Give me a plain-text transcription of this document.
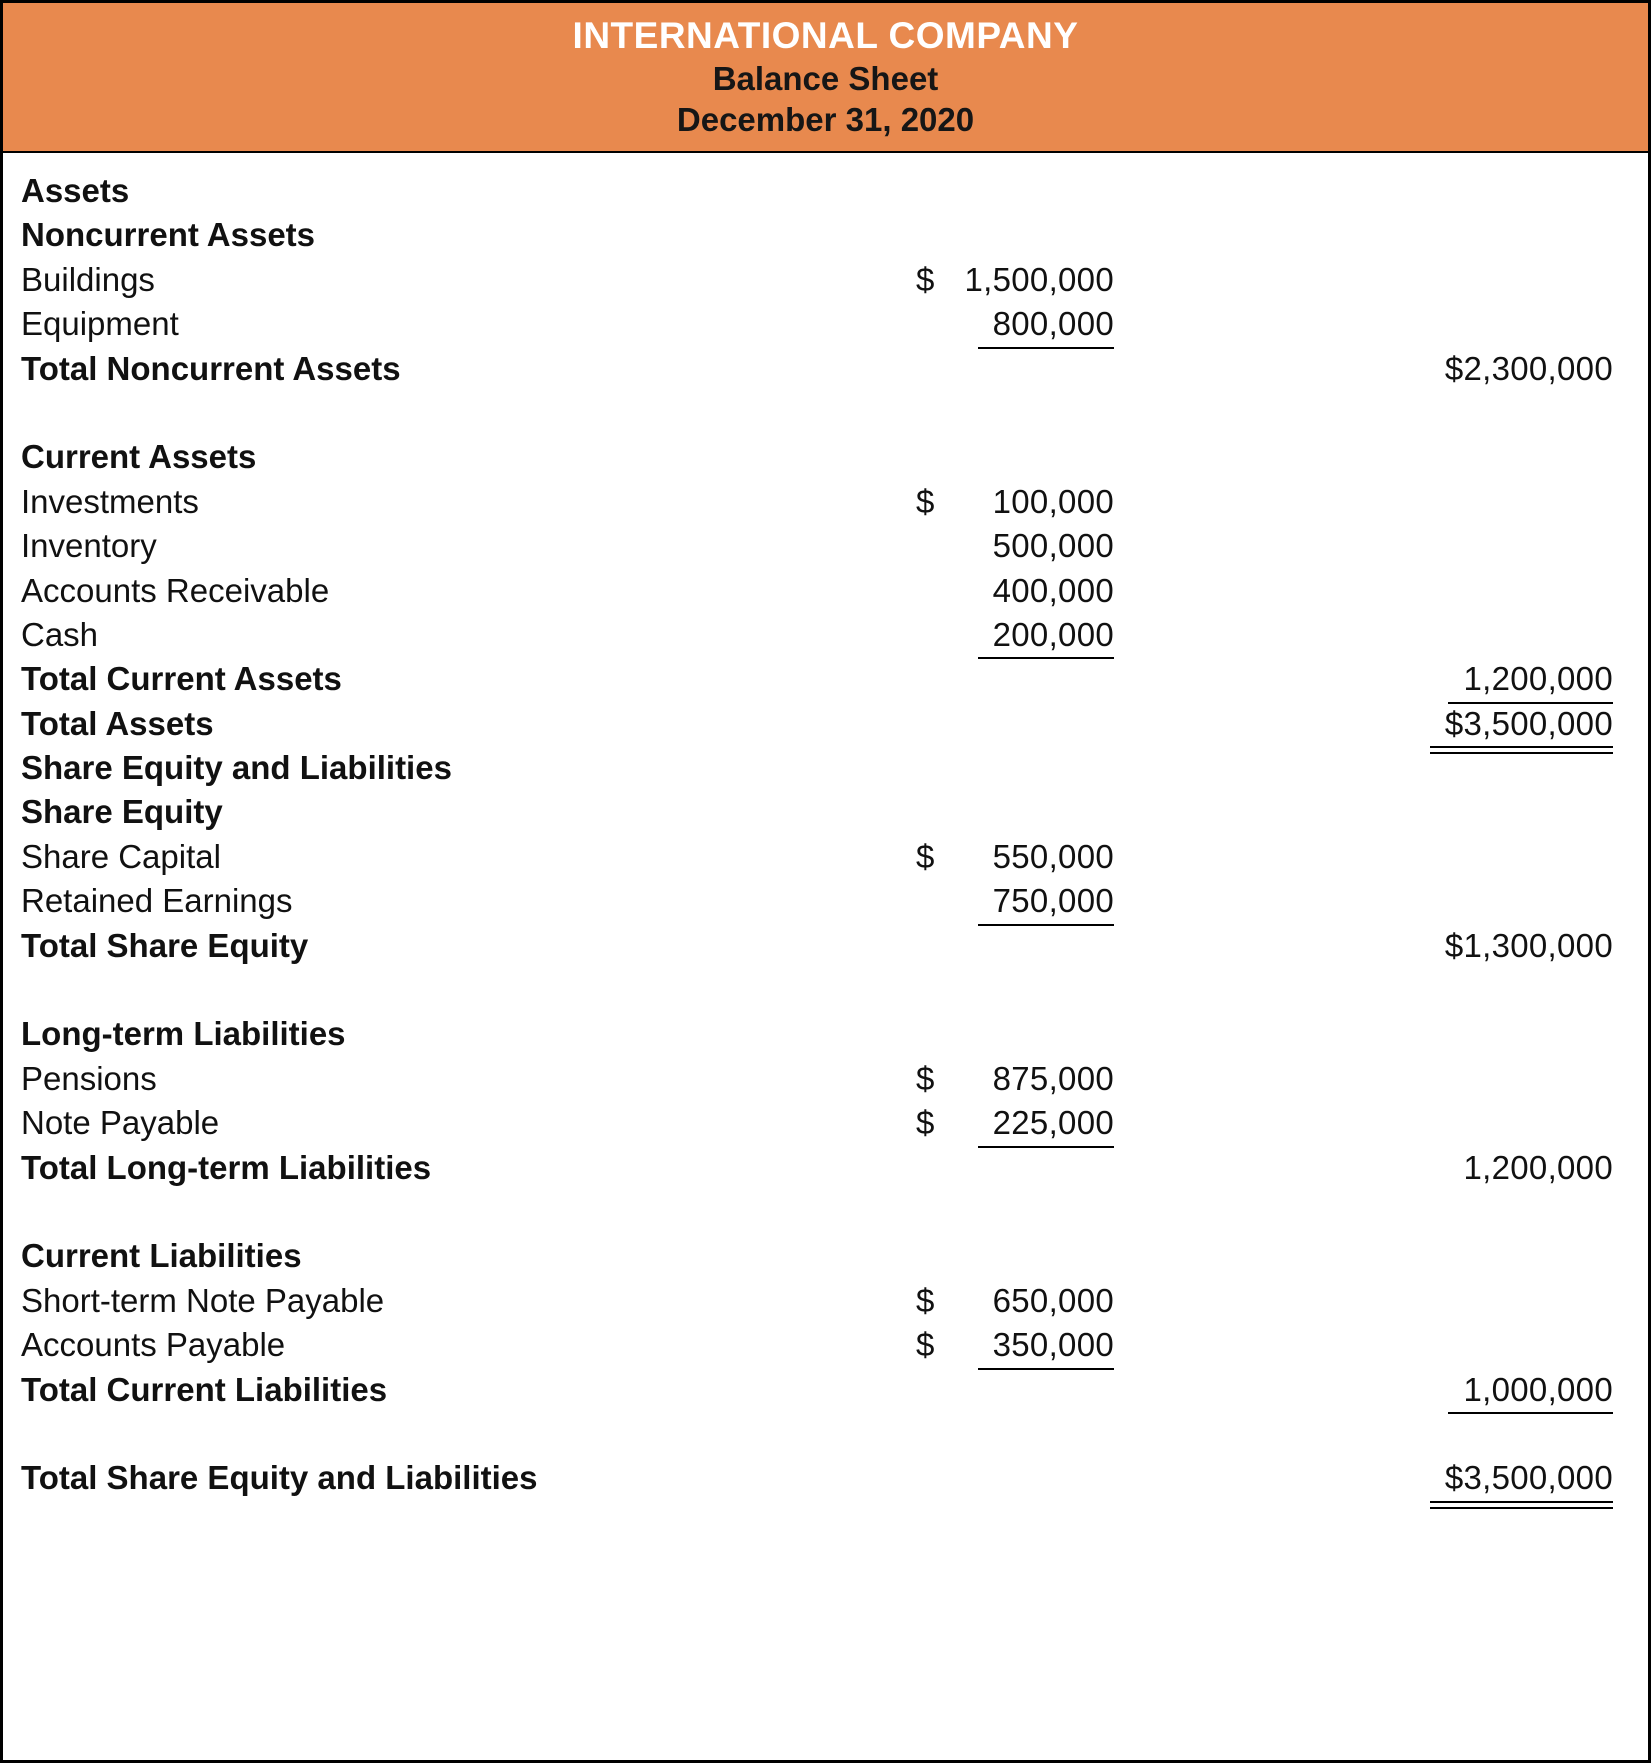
INTERNATIONAL COMPANY
Balance Sheet
December 31, 2020
Assets
Noncurrent Assets
Buildings	$ 1,500,000
Equipment	800,000
Total Noncurrent Assets	$2,300,000
Current Assets
Investments	$ 100,000
Inventory	500,000
Accounts Receivable	400,000
Cash	200,000
Total Current Assets	1,200,000
Total Assets	$3,500,000
Share Equity and Liabilities
Share Equity
Share Capital	$ 550,000
Retained Earnings	750,000
Total Share Equity	$1,300,000
Long-term Liabilities
Pensions	$ 875,000
Note Payable	$	225,000
Total Long-term Liabilities	1,200,000
Current Liabilities
Short-term Note Payable	$ 650,000
Accounts Payable	$	350,000
Total Current Liabilities	1,000,000
Total Share Equity and Liabilities	$3,500,000
